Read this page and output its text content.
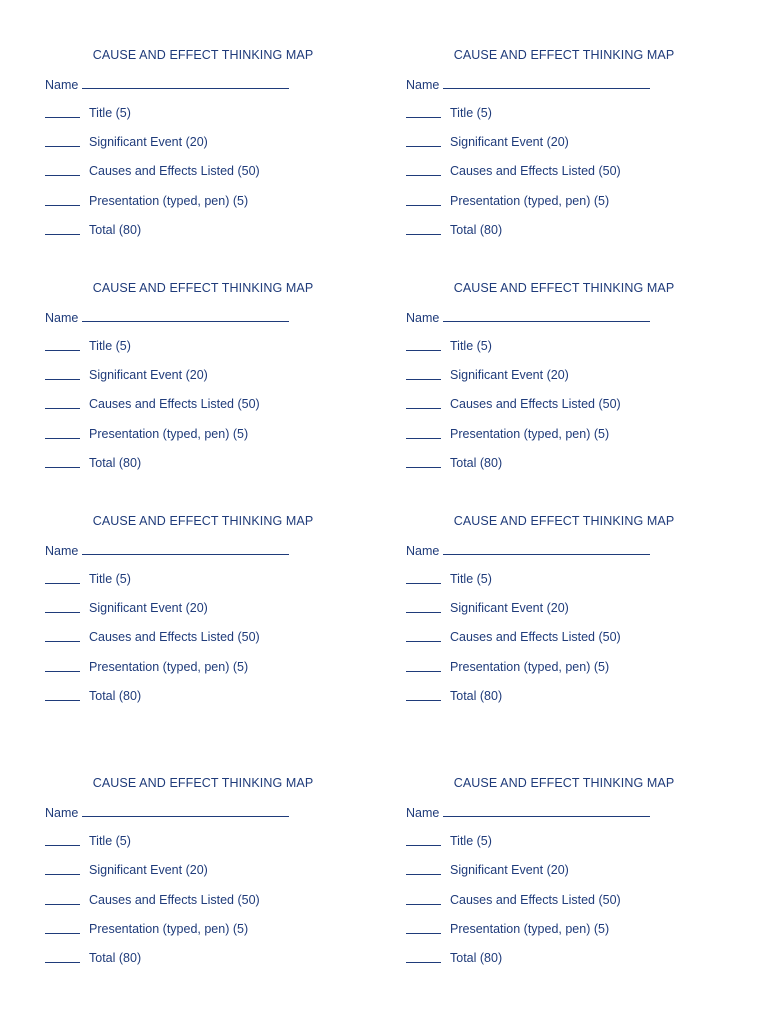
CAUSE AND EFFECT THINKING MAP
Name
Title (5)
Significant Event (20)
Causes and Effects Listed (50)
Presentation (typed, pen) (5)
Total (80)
CAUSE AND EFFECT THINKING MAP
Name
Title (5)
Significant Event (20)
Causes and Effects Listed (50)
Presentation (typed, pen) (5)
Total (80)
CAUSE AND EFFECT THINKING MAP
Name
Title (5)
Significant Event (20)
Causes and Effects Listed (50)
Presentation (typed, pen) (5)
Total (80)
CAUSE AND EFFECT THINKING MAP
Name
Title (5)
Significant Event (20)
Causes and Effects Listed (50)
Presentation (typed, pen) (5)
Total (80)
CAUSE AND EFFECT THINKING MAP
Name
Title (5)
Significant Event (20)
Causes and Effects Listed (50)
Presentation (typed, pen) (5)
Total (80)
CAUSE AND EFFECT THINKING MAP
Name
Title (5)
Significant Event (20)
Causes and Effects Listed (50)
Presentation (typed, pen) (5)
Total (80)
CAUSE AND EFFECT THINKING MAP
Name
Title (5)
Significant Event (20)
Causes and Effects Listed (50)
Presentation (typed, pen) (5)
Total (80)
CAUSE AND EFFECT THINKING MAP
Name
Title (5)
Significant Event (20)
Causes and Effects Listed (50)
Presentation (typed, pen) (5)
Total (80)
